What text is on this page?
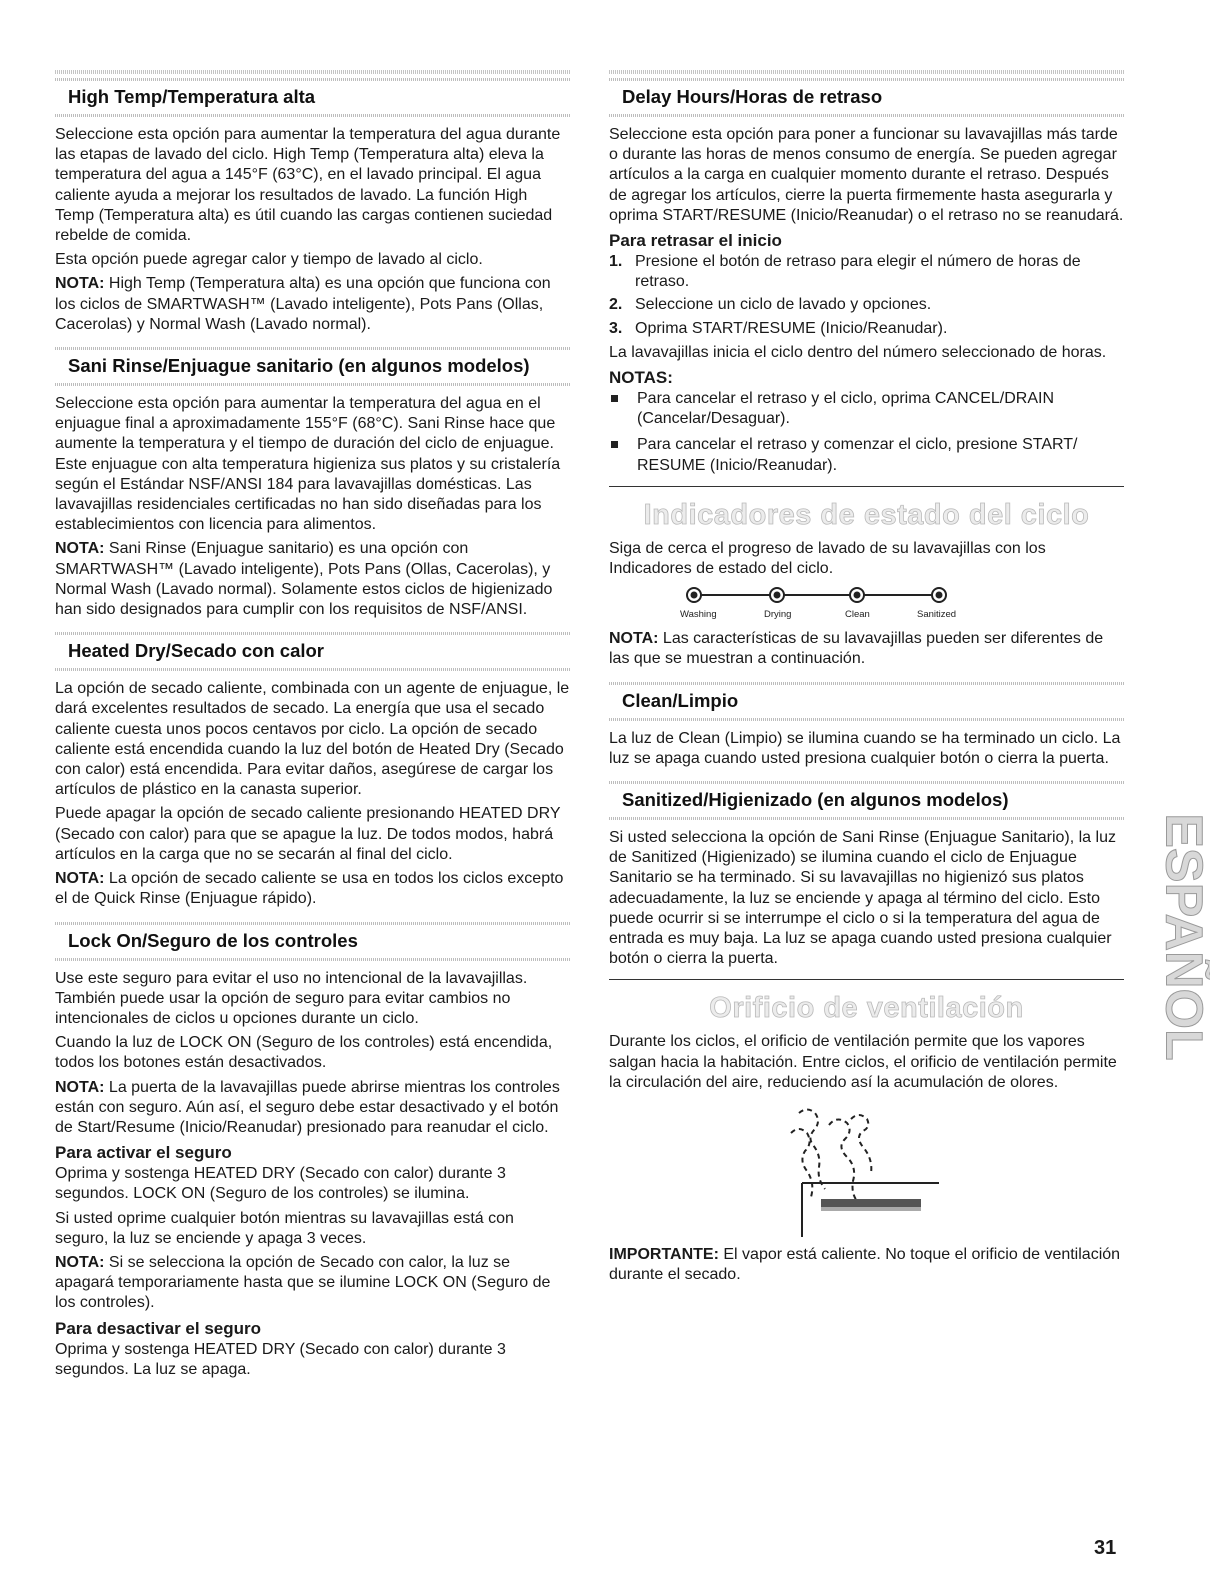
High Temp/Temperatura alta

Seleccione esta opción para aumentar la temperatura del agua durante las etapas de lavado del ciclo. High Temp (Temperatura alta) eleva la temperatura del agua a 145°F (63°C), en el lavado principal. El agua caliente ayuda a mejorar los resultados de lavado. La función High Temp (Temperatura alta) es útil cuando las cargas contienen suciedad rebelde de comida.

Esta opción puede agregar calor y tiempo de lavado al ciclo.

NOTA: High Temp (Temperatura alta) es una opción que funciona con los ciclos de SMARTWASH™ (Lavado inteligente), Pots Pans (Ollas, Cacerolas) y Normal Wash (Lavado normal).

Sani Rinse/Enjuague sanitario (en algunos modelos)

Seleccione esta opción para aumentar la temperatura del agua en el enjuague final a aproximadamente 155°F (68°C). Sani Rinse hace que aumente la temperatura y el tiempo de duración del ciclo de enjuague. Este enjuague con alta temperatura higieniza sus platos y su cristalería según el Estándar NSF/ANSI 184 para lavavajillas domésticas. Las lavavajillas residenciales certificadas no han sido diseñadas para los establecimientos con licencia para alimentos.

NOTA: Sani Rinse (Enjuague sanitario) es una opción con SMARTWASH™ (Lavado inteligente), Pots Pans (Ollas, Cacerolas), y Normal Wash (Lavado normal). Solamente estos ciclos de higienizado han sido designados para cumplir con los requisitos de NSF/ANSI.

Heated Dry/Secado con calor

La opción de secado caliente, combinada con un agente de enjuague, le dará excelentes resultados de secado. La energía que usa el secado caliente cuesta unos pocos centavos por ciclo. La opción de secado caliente está encendida cuando la luz del botón de Heated Dry (Secado con calor) está encendida. Para evitar daños, asegúrese de cargar los artículos de plástico en la canasta superior.

Puede apagar la opción de secado caliente presionando HEATED DRY (Secado con calor) para que se apague la luz. De todos modos, habrá artículos en la carga que no se secarán al final del ciclo.

NOTA: La opción de secado caliente se usa en todos los ciclos excepto el de Quick Rinse (Enjuague rápido).

Lock On/Seguro de los controles

Use este seguro para evitar el uso no intencional de la lavavajillas. También puede usar la opción de seguro para evitar cambios no intencionales de ciclos u opciones durante un ciclo.

Cuando la luz de LOCK ON (Seguro de los controles) está encendida, todos los botones están desactivados.

NOTA: La puerta de la lavavajillas puede abrirse mientras los controles están con seguro. Aún así, el seguro debe estar desactivado y el botón de Start/Resume (Inicio/Reanudar) presionado para reanudar el ciclo.

Para activar el seguro

Oprima y sostenga HEATED DRY (Secado con calor) durante 3 segundos. LOCK ON (Seguro de los controles) se ilumina.

Si usted oprime cualquier botón mientras su lavavajillas está con seguro, la luz se enciende y apaga 3 veces.

NOTA: Si se selecciona la opción de Secado con calor, la luz se apagará temporariamente hasta que se ilumine LOCK ON (Seguro de los controles).

Para desactivar el seguro

Oprima y sostenga HEATED DRY (Secado con calor) durante 3 segundos. La luz se apaga.

Delay Hours/Horas de retraso

Seleccione esta opción para poner a funcionar su lavavajillas más tarde o durante las horas de menos consumo de energía. Se pueden agregar artículos a la carga en cualquier momento durante el retraso. Después de agregar los artículos, cierre la puerta firmemente hasta asegurarla y oprima START/RESUME (Inicio/Reanudar) o el retraso no se reanudará.

Para retrasar el inicio
1. Presione el botón de retraso para elegir el número de horas de retraso.
2. Seleccione un ciclo de lavado y opciones.
3. Oprima START/RESUME (Inicio/Reanudar).

La lavavajillas inicia el ciclo dentro del número seleccionado de horas.

NOTAS:
Para cancelar el retraso y el ciclo, oprima CANCEL/DRAIN (Cancelar/Desaguar).
Para cancelar el retraso y comenzar el ciclo, presione START/ RESUME (Inicio/Reanudar).
Indicadores de estado del ciclo

Siga de cerca el progreso de lavado de su lavavajillas con los Indicadores de estado del ciclo.

Washing	Drying	Clean	Sanitized

NOTA: Las características de su lavavajillas pueden ser diferentes de las que se muestran a continuación.

Clean/Limpio

La luz de Clean (Limpio) se ilumina cuando se ha terminado un ciclo. La luz se apaga cuando usted presiona cualquier botón o cierra la puerta.

Sanitized/Higienizado (en algunos modelos)

Si usted selecciona la opción de Sani Rinse (Enjuague Sanitario), la luz de Sanitized (Higienizado) se ilumina cuando el ciclo de Enjuague Sanitario se ha terminado. Si su lavavajillas no higienizó sus platos adecuadamente, la luz se enciende y apaga al término del ciclo. Esto puede ocurrir si se interrumpe el ciclo o si la temperatura del agua de entrada es muy baja. La luz se apaga cuando usted presiona cualquier botón o cierra la puerta.

Orificio de ventilación

Durante los ciclos, el orificio de ventilación permite que los vapores salgan hacia la habitación. Entre ciclos, el orificio de ventilación permite la circulación del aire, reduciendo así la acumulación de olores.

IMPORTANTE: El vapor está caliente. No toque el orificio de ventilación durante el secado.

ESPAÑOL
31
